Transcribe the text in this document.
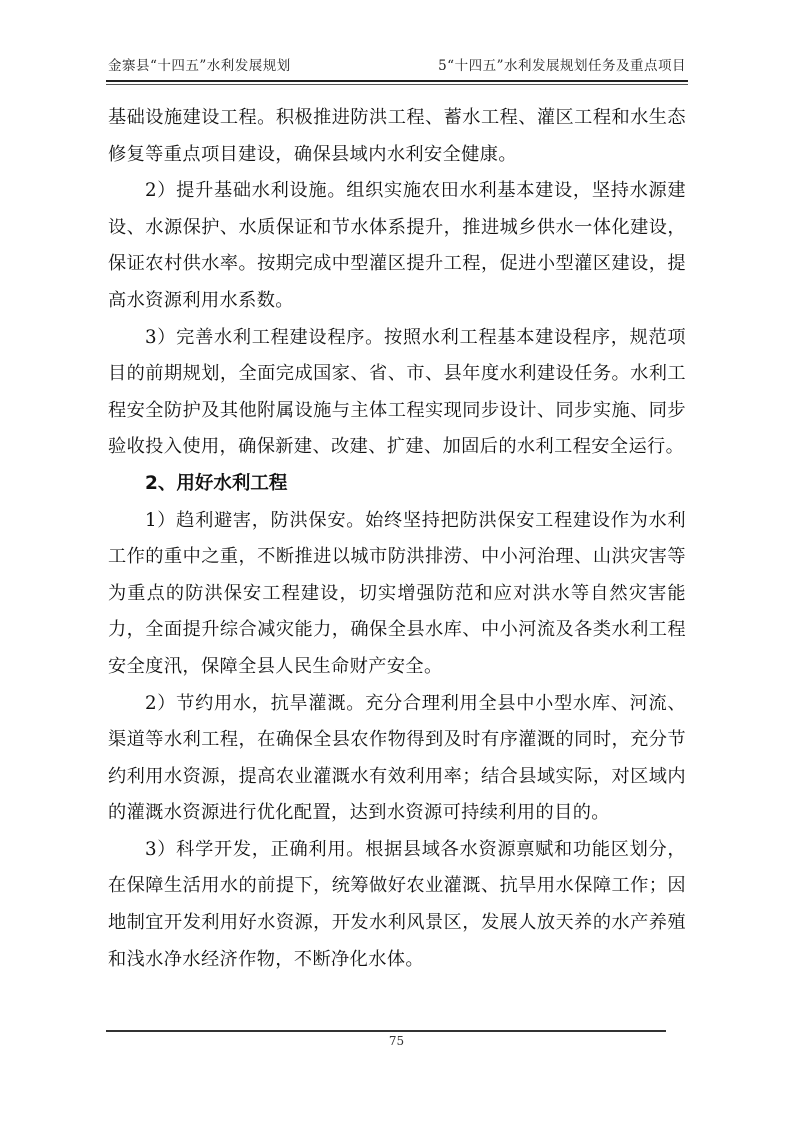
金寨县“十四五”水利发展规划	5“十四五”水利发展规划任务及重点项目

基础设施建设工程。积极推进防洪工程、蓄水工程、灌区工程和水生态修复等重点项目建设，确保县域内水利安全健康。

2）提升基础水利设施。组织实施农田水利基本建设，坚持水源建设、水源保护、水质保证和节水体系提升，推进城乡供水一体化建设，保证农村供水率。按期完成中型灌区提升工程，促进小型灌区建设，提高水资源利用水系数。

3）完善水利工程建设程序。按照水利工程基本建设程序，规范项目的前期规划，全面完成国家、省、市、县年度水利建设任务。水利工程安全防护及其他附属设施与主体工程实现同步设计、同步实施、同步验收投入使用，确保新建、改建、扩建、加固后的水利工程安全运行。

2、用好水利工程

1）趋利避害，防洪保安。始终坚持把防洪保安工程建设作为水利工作的重中之重，不断推进以城市防洪排涝、中小河治理、山洪灾害等为重点的防洪保安工程建设，切实增强防范和应对洪水等自然灾害能力，全面提升综合减灾能力，确保全县水库、中小河流及各类水利工程安全度汛，保障全县人民生命财产安全。

2）节约用水，抗旱灌溉。充分合理利用全县中小型水库、河流、渠道等水利工程，在确保全县农作物得到及时有序灌溉的同时，充分节约利用水资源，提高农业灌溉水有效利用率；结合县域实际，对区域内的灌溉水资源进行优化配置，达到水资源可持续利用的目的。

3）科学开发，正确利用。根据县域各水资源禀赋和功能区划分，在保障生活用水的前提下，统筹做好农业灌溉、抗旱用水保障工作；因地制宜开发利用好水资源，开发水利风景区，发展人放天养的水产养殖和浅水净水经济作物，不断净化水体。

75
